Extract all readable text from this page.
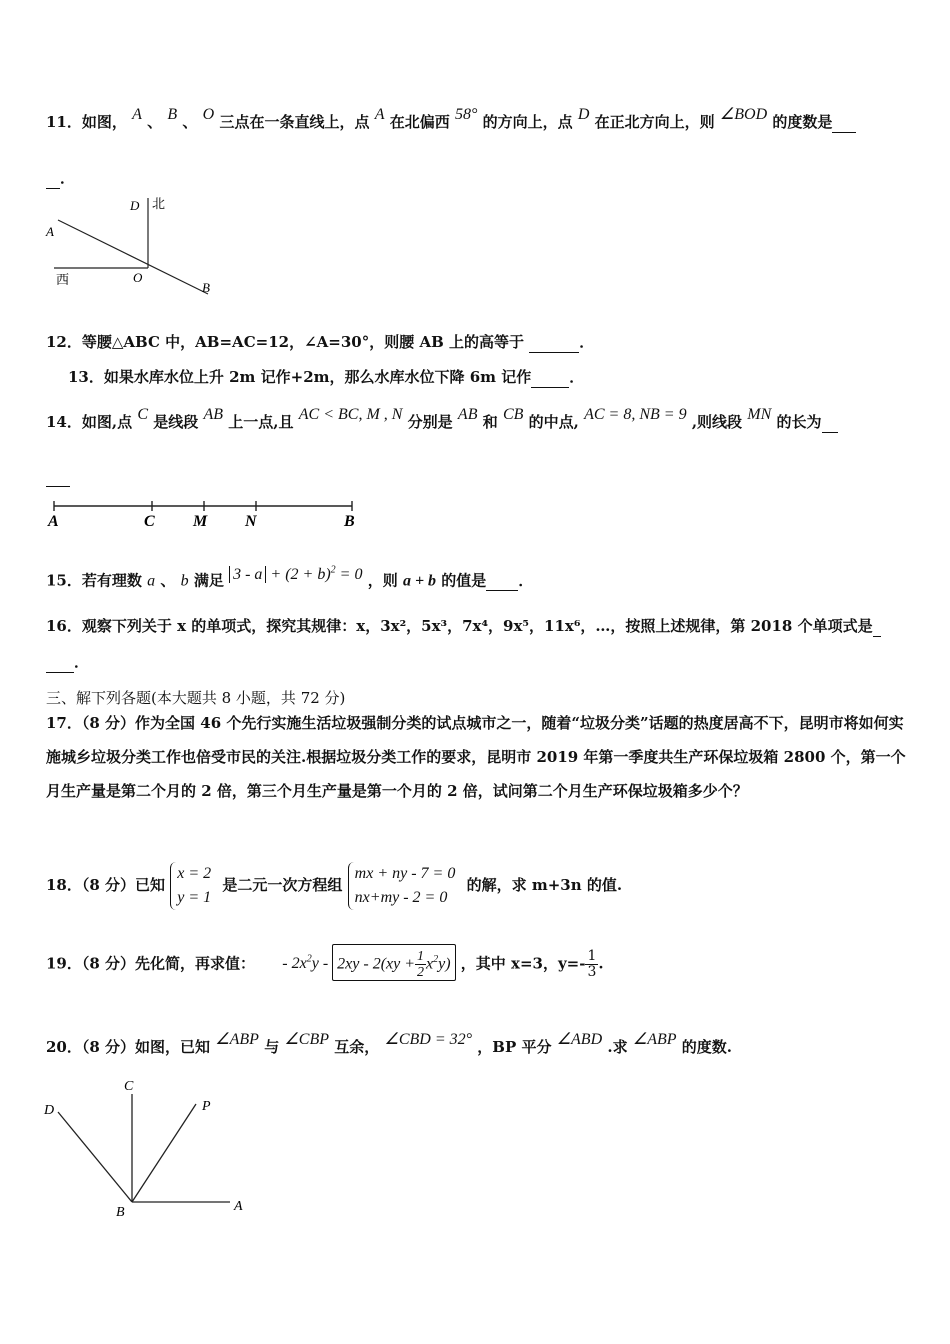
11．如图， A 、 B 、 O 三点在一条直线上，点 A 在北偏西 58° 的方向上，点 D 在正北方向上，则 ∠BOD 的度数是
．
D 北
A
西	O
B
12．等腰△ABC 中，AB=AC=12，∠A=30°，则腰 AB 上的高等于	．
13．如果水库水位上升 2m 记作+2m，那么水库水位下降 6m 记作	．
14．如图,点 C 是线段 AB 上一点,且 AC < BC, M , N 分别是 AB 和 CB 的中点, AC = 8, NB = 9 ,则线段 MN 的长为

A	C M N	B
15．若有理数 a 、 b 满足 $3 - a + (2 + b)^2 = 0$ ，则 a + b 的值是 ．
16．观察下列关于 x 的单项式，探究其规律：x，3x²，5x³，7x⁴，9x⁵，11x⁶，…，按照上述规律，第 2018 个单项式是
．
三、解下列各题(本大题共 8 小题，共 72 分)
17．（8 分）作为全国 46 个先行实施生活垃圾强制分类的试点城市之一，随着“垃圾分类”话题的热度居高不下，昆明市将如何实施城乡垃圾分类工作也倍受市民的关注.根据垃圾分类工作的要求，昆明市 2019 年第一季度共生产环保垃圾箱 2800 个，第一个月生产量是第二个月的 2 倍，第三个月生产量是第一个月的 2 倍，试问第二个月生产环保垃圾箱多少个？
18．（8 分）已知
x = 2
y = 1
是二元一次方程组
mx + ny - 7 = 0
nx+my - 2 = 0
的解，求 m+3n 的值.
19．（8 分）先化简，再求值： - $2x^2y - 2xy - 2(xy + \frac{1}{2} x^2y)$ ，其中 x=3，$y=- \frac{1}{3}$ .
20．（8 分）如图，已知 ∠ABP 与 ∠CBP 互余， ∠CBD = 32° ，BP 平分 ∠ABD .求 ∠ABP 的度数.
D
C
P
B	A
